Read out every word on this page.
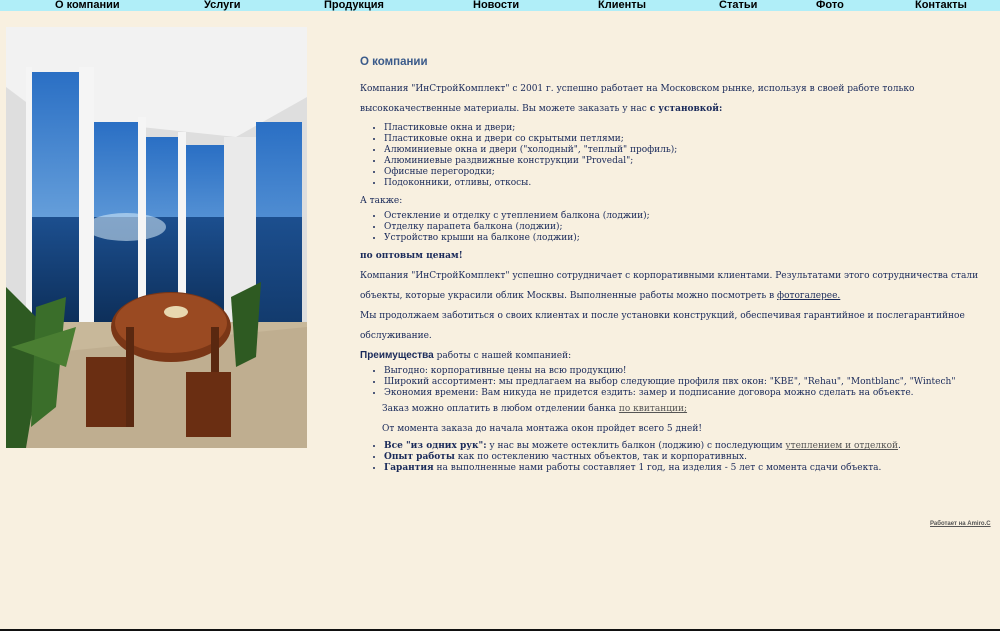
О компании	Услуги	Продукция	Новости	Клиенты	Статьи	Фото	Контакты
О компании

Компания "ИнСтройКомплект" с 2001 г. успешно работает на Московском рынке, используя в своей работе только

высококачественные материалы. Вы можете заказать у нас с установкой:

• Пластиковые окна и двери;
• Пластиковые окна и двери со скрытыми петлями;
• Алюминиевые окна и двери ("холодный", "теплый" профиль);
• Алюминиевые раздвижные конструкции "Provedal";
• Офисные перегородки;
• Подоконники, отливы, откосы.

А также:

• Остекление и отделку с утеплением балкона (лоджии);
• Отделку парапета балкона (лоджии);
• Устройство крыши на балконе (лоджии);

по оптовым ценам!

Компания "ИнСтройКомплект" успешно сотрудничает с корпоративными клиентами. Результатами этого сотрудничества стали

объекты, которые украсили облик Москвы. Выполненные работы можно посмотреть в фотогалерее.

Мы продолжаем заботиться о своих клиентах и после установки конструкций, обеспечивая гарантийное и послегарантийное

обслуживание.

Преимущества работы с нашей компанией:

• Выгодно: корпоративные цены на всю продукцию!
• Широкий ассортимент: мы предлагаем на выбор следующие профиля пвх окон: "KBE", "Rehau", "Montblanc", "Wintech"
• Экономия времени: Вам никуда не придется ездить: замер и подписание договора можно сделать на объекте.

Заказ можно оплатить в любом отделении банка по квитанции;

От момента заказа до начала монтажа окон пройдет всего 5 дней!

• Все "из одних рук": у нас вы можете остеклить балкон (лоджию) с последующим утеплением и отделкой.
• Опыт работы как по остеклению частных объектов, так и корпоративных.
• Гарантия на выполненные нами работы составляет 1 год, на изделия - 5 лет с момента сдачи объекта.
Работает на Amiro.C
